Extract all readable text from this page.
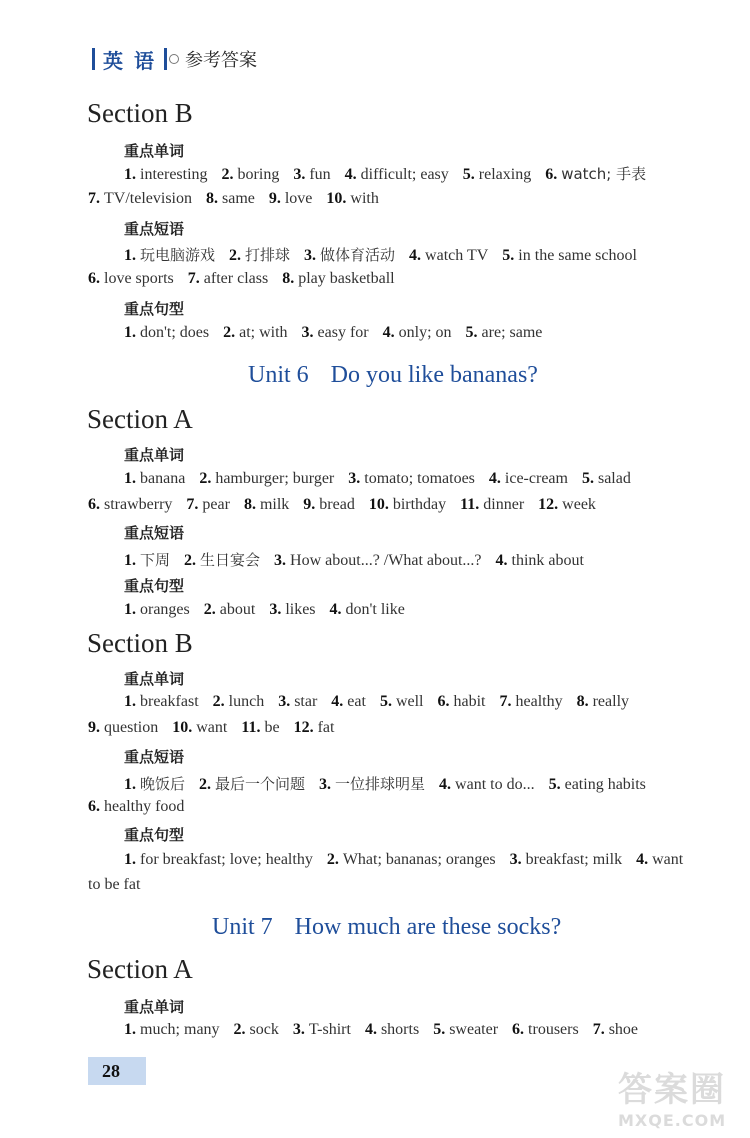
英 语 参考答案
Section B
重点单词
1. interesting 2. boring 3. fun 4. difficult; easy 5. relaxing 6. watch; 手表
7. TV/television 8. same 9. love 10. with
重点短语
1. 玩电脑游戏 2. 打排球 3. 做体育活动 4. watch TV 5. in the same school
6. love sports 7. after class 8. play basketball
重点句型
1. don't; does 2. at; with 3. easy for 4. only; on 5. are; same
Unit 6 Do you like bananas?
Section A
重点单词
1. banana 2. hamburger; burger 3. tomato; tomatoes 4. ice-cream 5. salad
6. strawberry 7. pear 8. milk 9. bread 10. birthday 11. dinner 12. week
重点短语
1. 下周 2. 生日宴会 3. How about...? /What about...? 4. think about
重点句型
1. oranges 2. about 3. likes 4. don't like
Section B
重点单词
1. breakfast 2. lunch 3. star 4. eat 5. well 6. habit 7. healthy 8. really
9. question 10. want 11. be 12. fat
重点短语
1. 晚饭后 2. 最后一个问题 3. 一位排球明星 4. want to do... 5. eating habits
6. healthy food
重点句型
1. for breakfast; love; healthy 2. What; bananas; oranges 3. breakfast; milk 4. want
to be fat
Unit 7 How much are these socks?
Section A
重点单词
1. much; many 2. sock 3. T-shirt 4. shorts 5. sweater 6. trousers 7. shoe
28	答案圈
MXQE.COM
